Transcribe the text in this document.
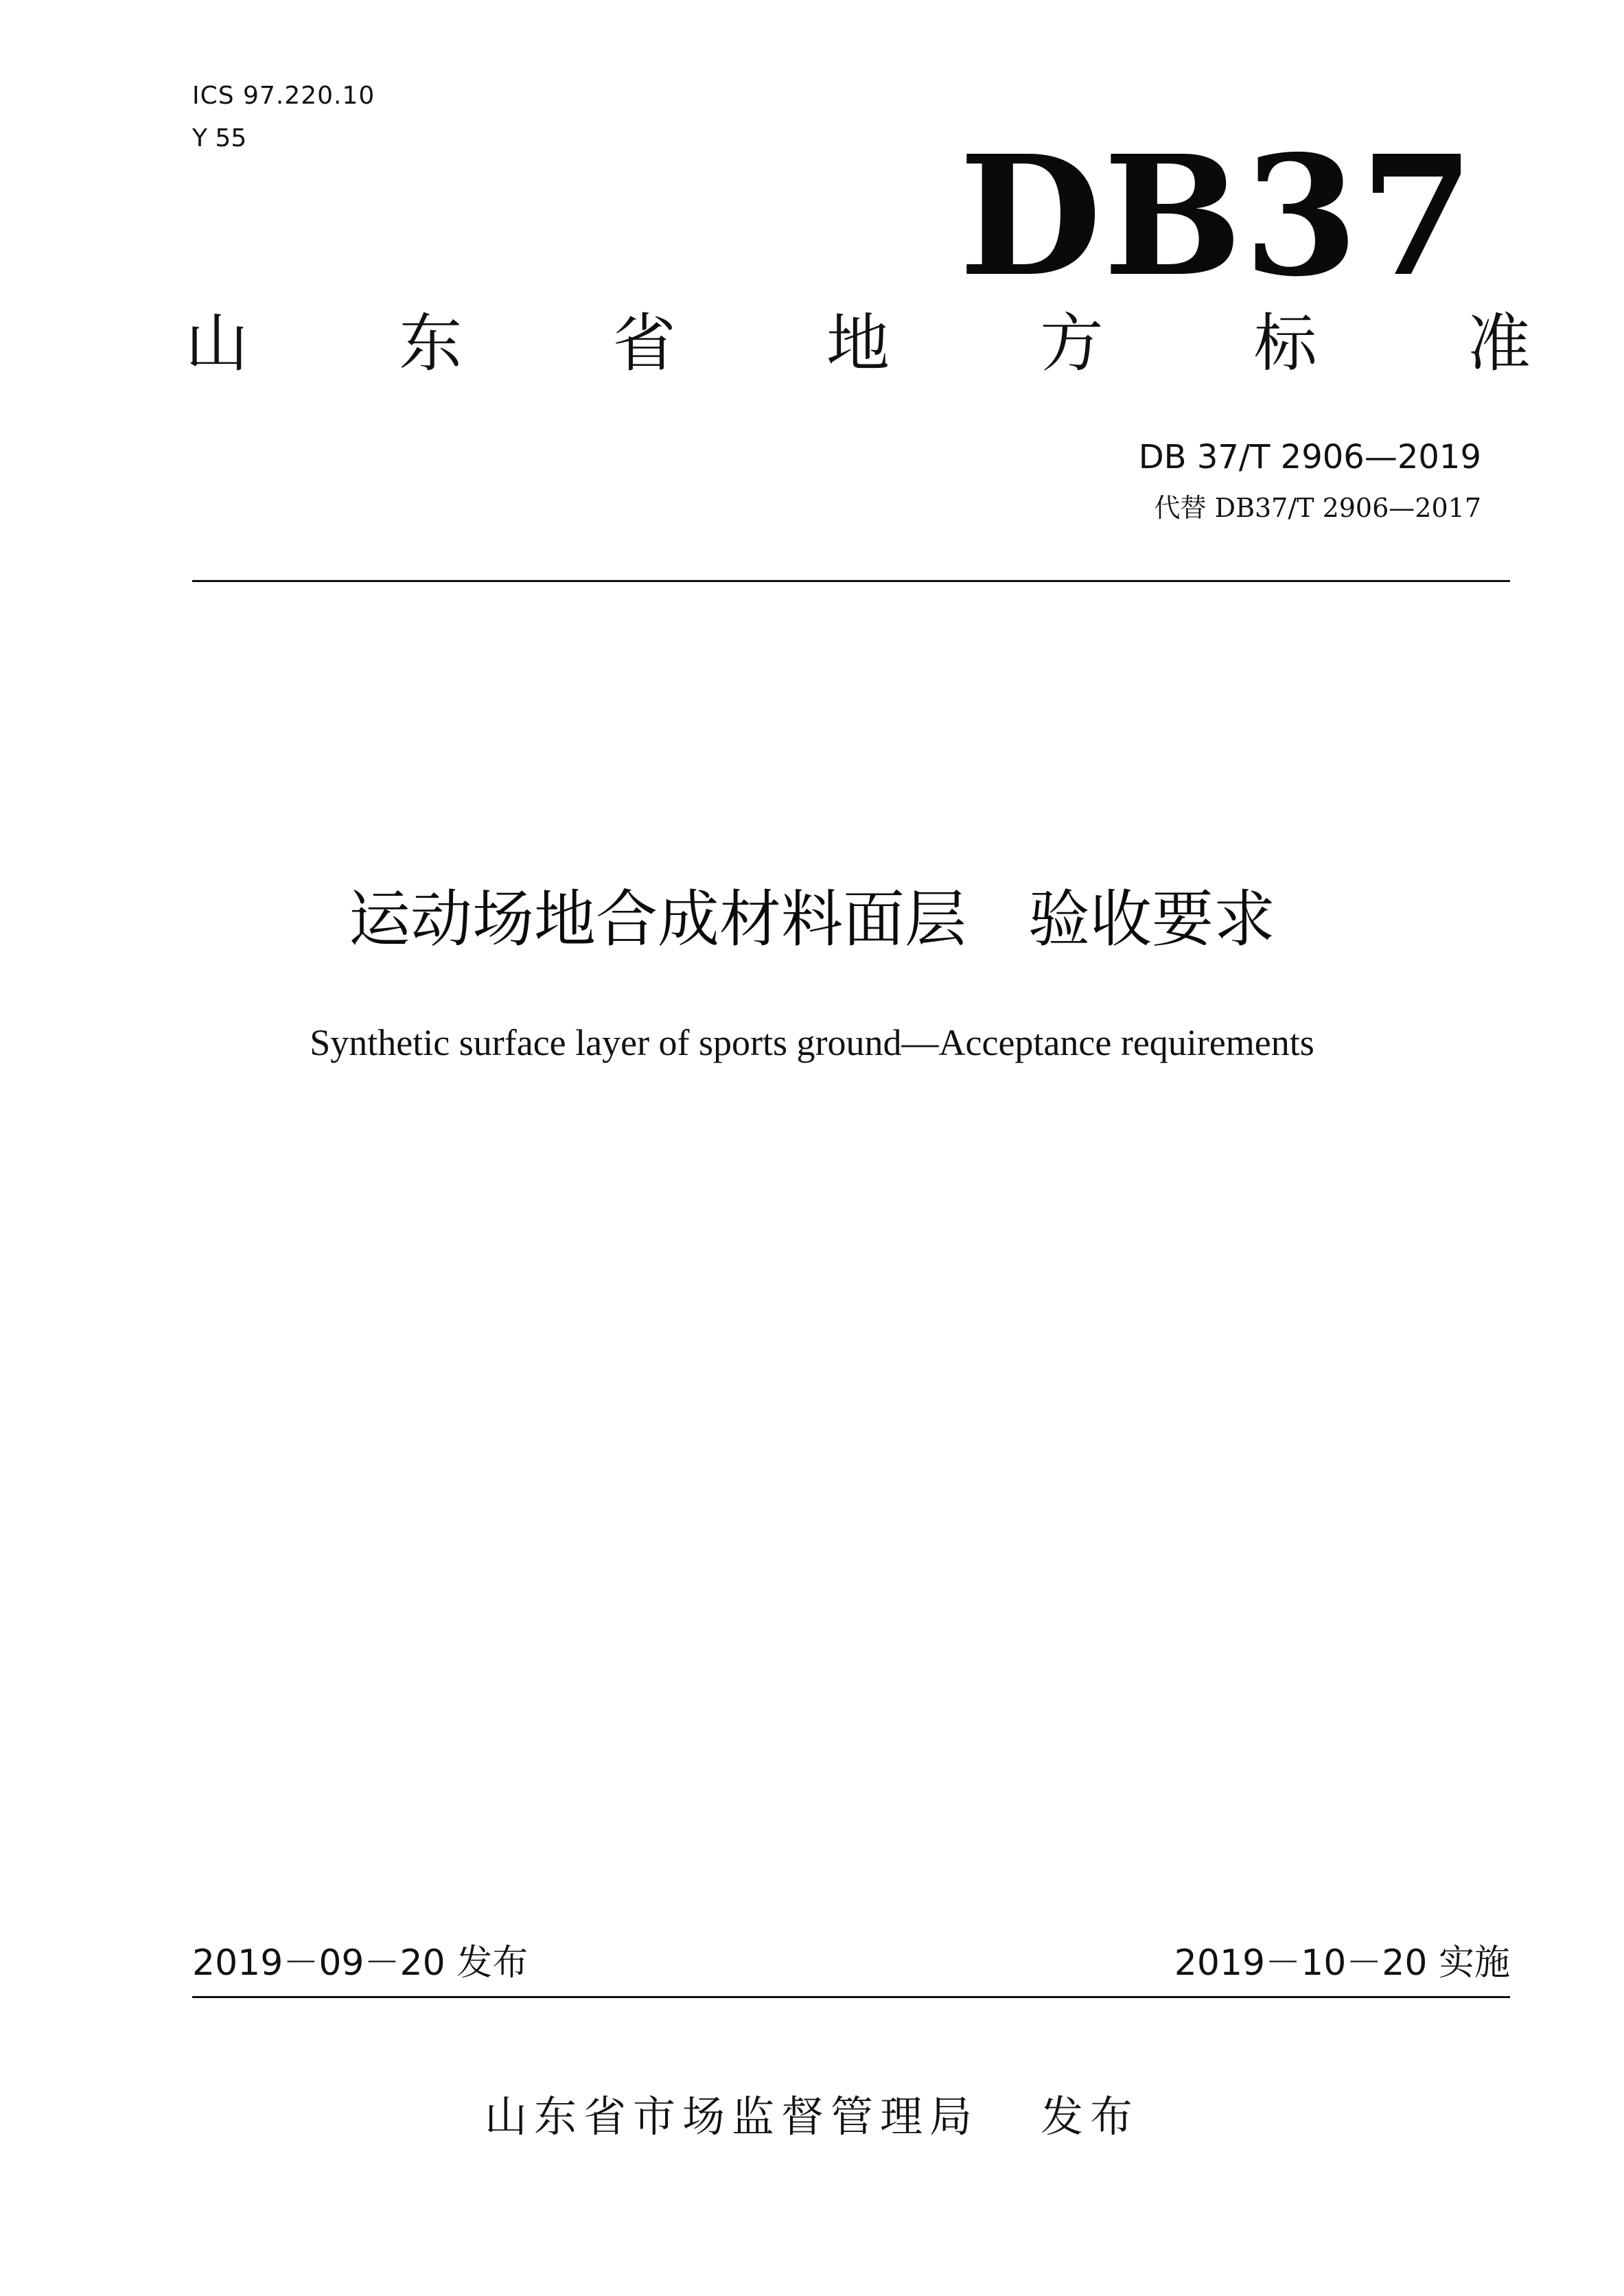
ICS 97.220.10
Y 55	DB37
山 东 省 地 方 标 准
DB 37/T 2906—2019
代替 DB37/T 2906—2017
运动场地合成材料面层　验收要求
Synthetic surface layer of sports ground—Acceptance requirements
2019－09－20 发布	2019－10－20 实施
山东省市场监督管理局 发布
